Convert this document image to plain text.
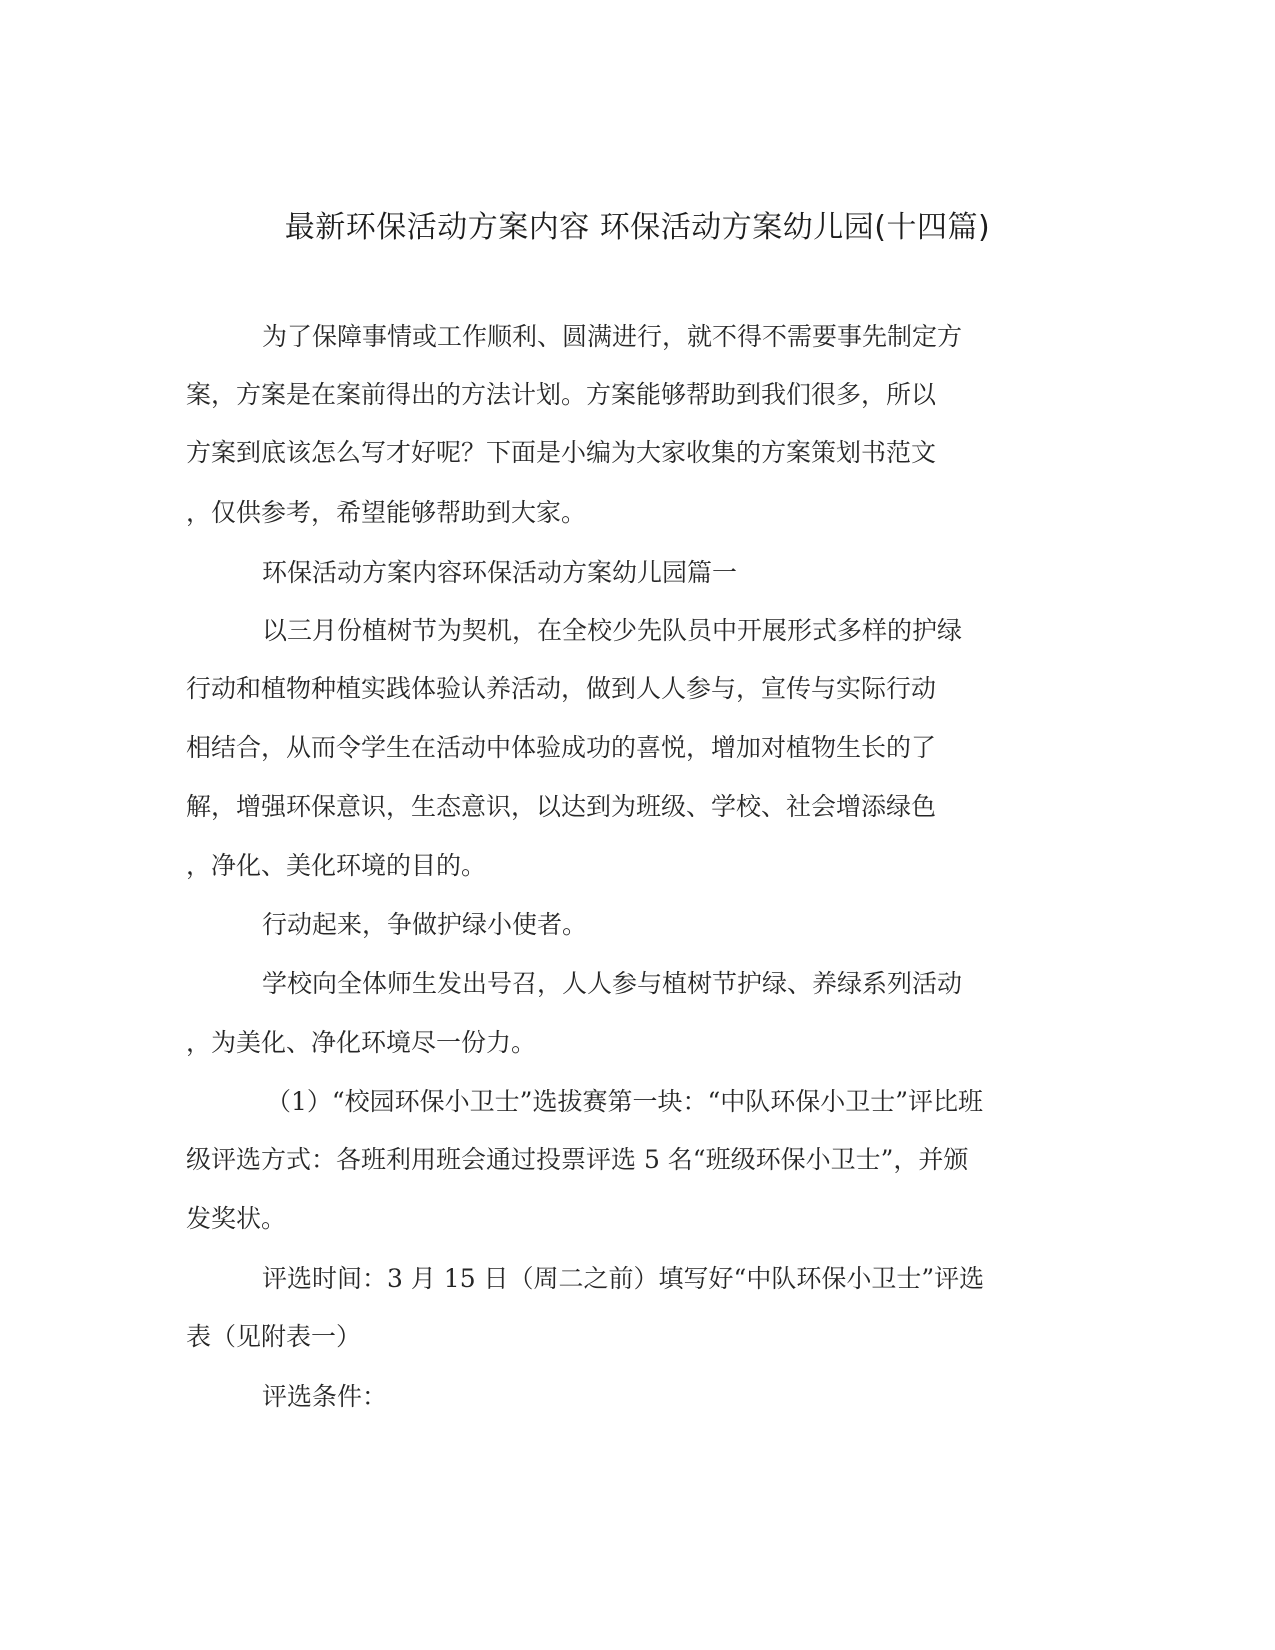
最新环保活动方案内容 环保活动方案幼儿园(十四篇)
为了保障事情或工作顺利、圆满进行，就不得不需要事先制定方
案，方案是在案前得出的方法计划。方案能够帮助到我们很多，所以
方案到底该怎么写才好呢？下面是小编为大家收集的方案策划书范文
，仅供参考，希望能够帮助到大家。
环保活动方案内容环保活动方案幼儿园篇一
以三月份植树节为契机，在全校少先队员中开展形式多样的护绿
行动和植物种植实践体验认养活动，做到人人参与，宣传与实际行动
相结合，从而令学生在活动中体验成功的喜悦，增加对植物生长的了
解，增强环保意识，生态意识，以达到为班级、学校、社会增添绿色
，净化、美化环境的目的。
行动起来，争做护绿小使者。
学校向全体师生发出号召，人人参与植树节护绿、养绿系列活动
，为美化、净化环境尽一份力。
（1）“校园环保小卫士”选拔赛第一块：“中队环保小卫士”评比班
级评选方式：各班利用班会通过投票评选 5 名“班级环保小卫士”，并颁
发奖状。
评选时间：3 月 15 日（周二之前）填写好“中队环保小卫士”评选
表（见附表一）
评选条件：
